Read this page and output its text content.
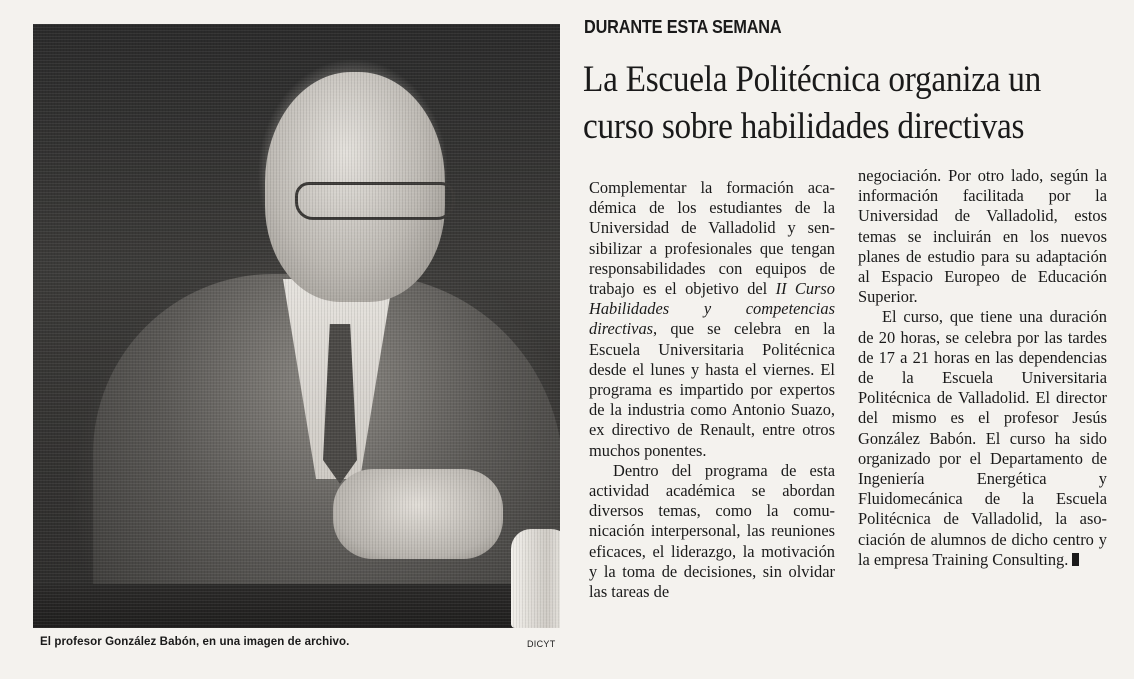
El profesor González Babón, en una imagen de archivo.	DICYT
DURANTE ESTA SEMANA
La Escuela Politécnica organiza un curso sobre habilidades directivas

Complementar la formación académica de los estudiantes de la Universidad de Valladolid y sensibilizar a profesionales que tengan responsabilidades con equipos de trabajo es el objetivo del II Curso Habilidades y competencias directivas, que se celebra en la Escuela Universitaria Politécnica desde el lunes y hasta el viernes. El programa es impartido por expertos de la industria como Antonio Suazo, ex directivo de Renault, entre otros muchos ponentes.

Dentro del programa de esta actividad académica se abordan diversos temas, como la comunicación interpersonal, las reuniones eficaces, el liderazgo, la motivación y la toma de decisiones, sin olvidar las tareas de

negociación. Por otro lado, según la información facilitada por la Universidad de Valladolid, estos temas se incluirán en los nuevos planes de estudio para su adaptación al Espacio Europeo de Educación Superior.

El curso, que tiene una duración de 20 horas, se celebra por las tardes de 17 a 21 horas en las dependencias de la Escuela Universitaria Politécnica de Valladolid. El director del mismo es el profesor Jesús González Babón. El curso ha sido organizado por el Departamento de Ingeniería Energética y Fluidomecánica de la Escuela Politécnica de Valladolid, la asociación de alumnos de dicho centro y la empresa Training Consulting.
